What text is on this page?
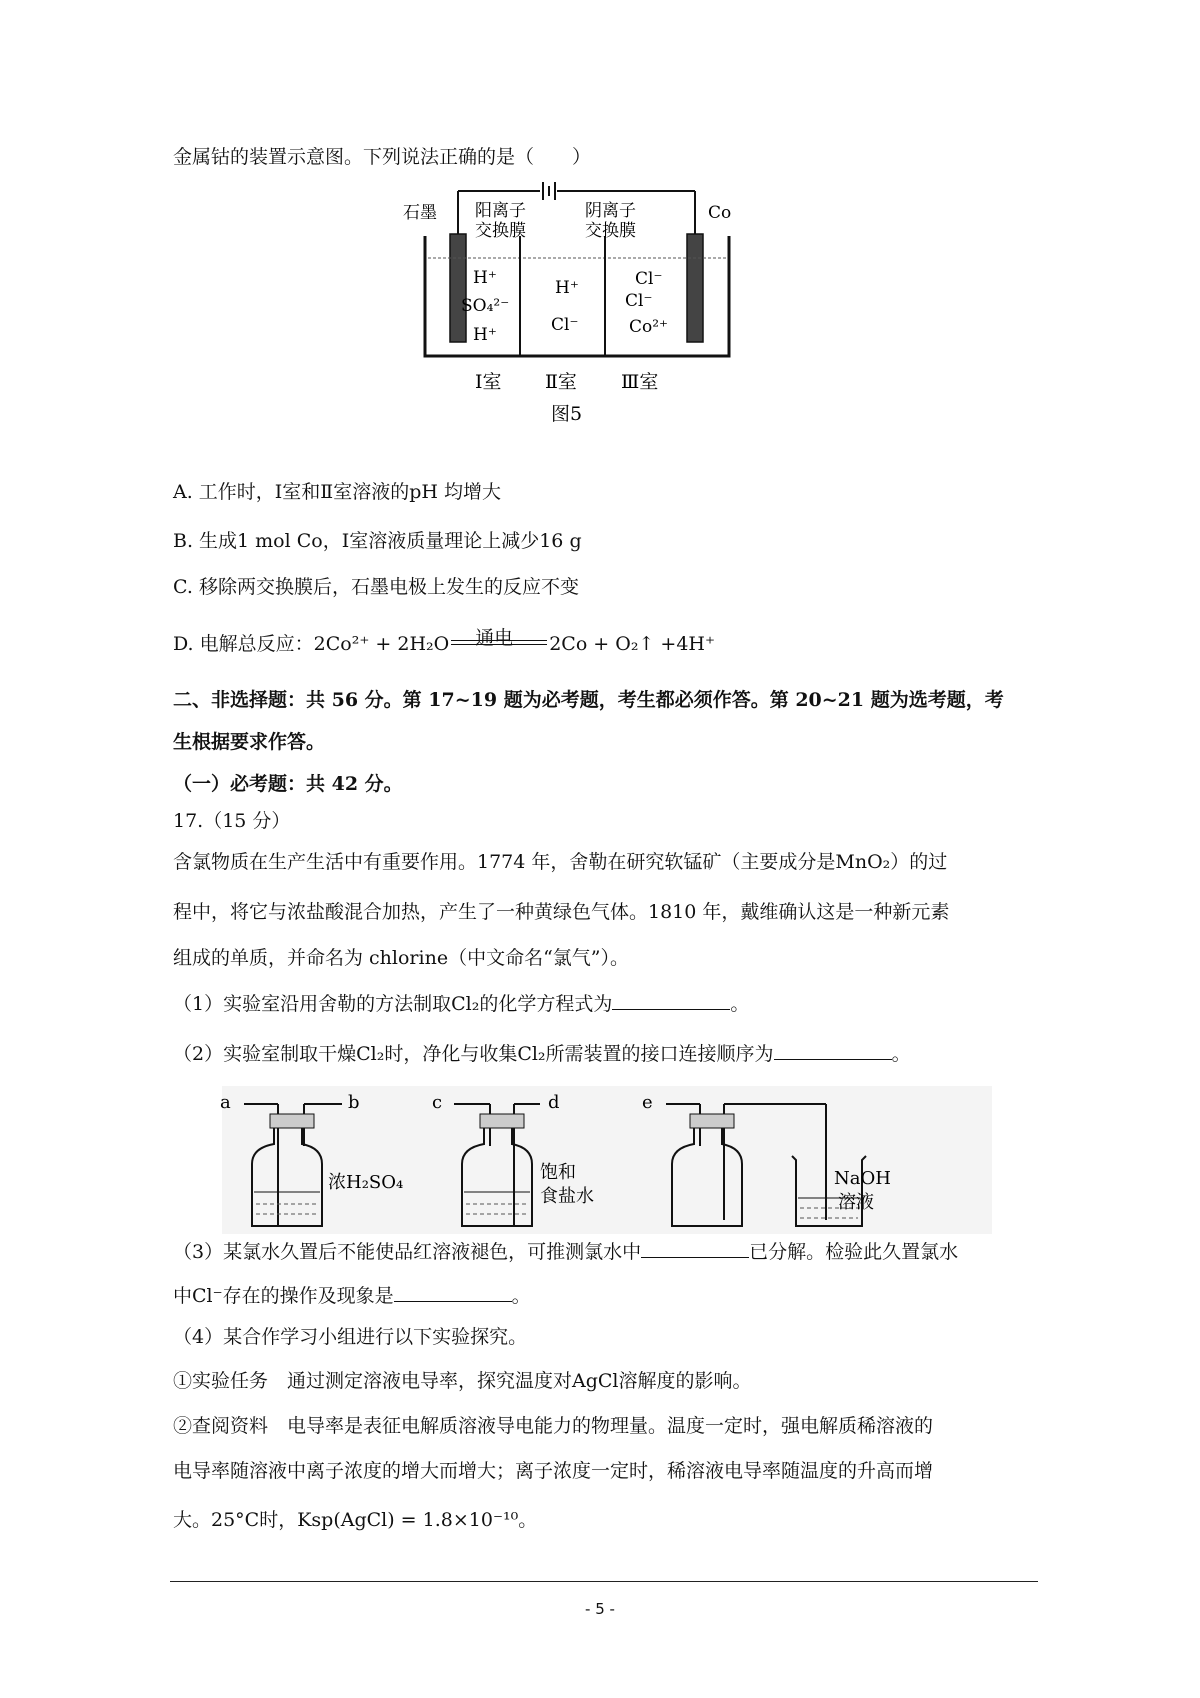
金属钴的装置示意图。下列说法正确的是（　　）
石墨 阳离子
交换膜
阴离子
交换膜
Co
H⁺
SO₄²⁻
H⁺
H⁺
Cl⁻
Cl⁻
Cl⁻
Co²⁺
Ⅰ室 Ⅱ室 Ⅲ室
图5
A. 工作时，Ⅰ室和Ⅱ室溶液的pH 均增大
B. 生成1 mol Co，Ⅰ室溶液质量理论上减少16 g
C. 移除两交换膜后，石墨电极上发生的反应不变
D. 电解总反应：2Co²⁺ + 2H₂O 通电 2Co + O₂↑ +4H⁺
二、非选择题：共 56 分。第 17~19 题为必考题，考生都必须作答。第 20~21 题为选考题，考
生根据要求作答。
（一）必考题：共 42 分。
17.（15 分）
含氯物质在生产生活中有重要作用。1774 年，舍勒在研究软锰矿（主要成分是MnO₂）的过
程中，将它与浓盐酸混合加热，产生了一种黄绿色气体。1810 年，戴维确认这是一种新元素
组成的单质，并命名为 chlorine（中文命名“氯气”）。
（1）实验室沿用舍勒的方法制取Cl₂的化学方程式为	。
（2）实验室制取干燥Cl₂时，净化与收集Cl₂所需装置的接口连接顺序为	。
a	b
浓H₂SO₄
c	d
饱和
食盐水
e
NaOH
溶液
（3）某氯水久置后不能使品红溶液褪色，可推测氯水中	已分解。检验此久置氯水
中Cl⁻存在的操作及现象是	。
（4）某合作学习小组进行以下实验探究。
①实验任务　通过测定溶液电导率，探究温度对AgCl溶解度的影响。
②查阅资料　电导率是表征电解质溶液导电能力的物理量。温度一定时，强电解质稀溶液的
电导率随溶液中离子浓度的增大而增大；离子浓度一定时，稀溶液电导率随温度的升高而增
大。25°C时，Ksp(AgCl) = 1.8×10⁻¹⁰。
- 5 -
